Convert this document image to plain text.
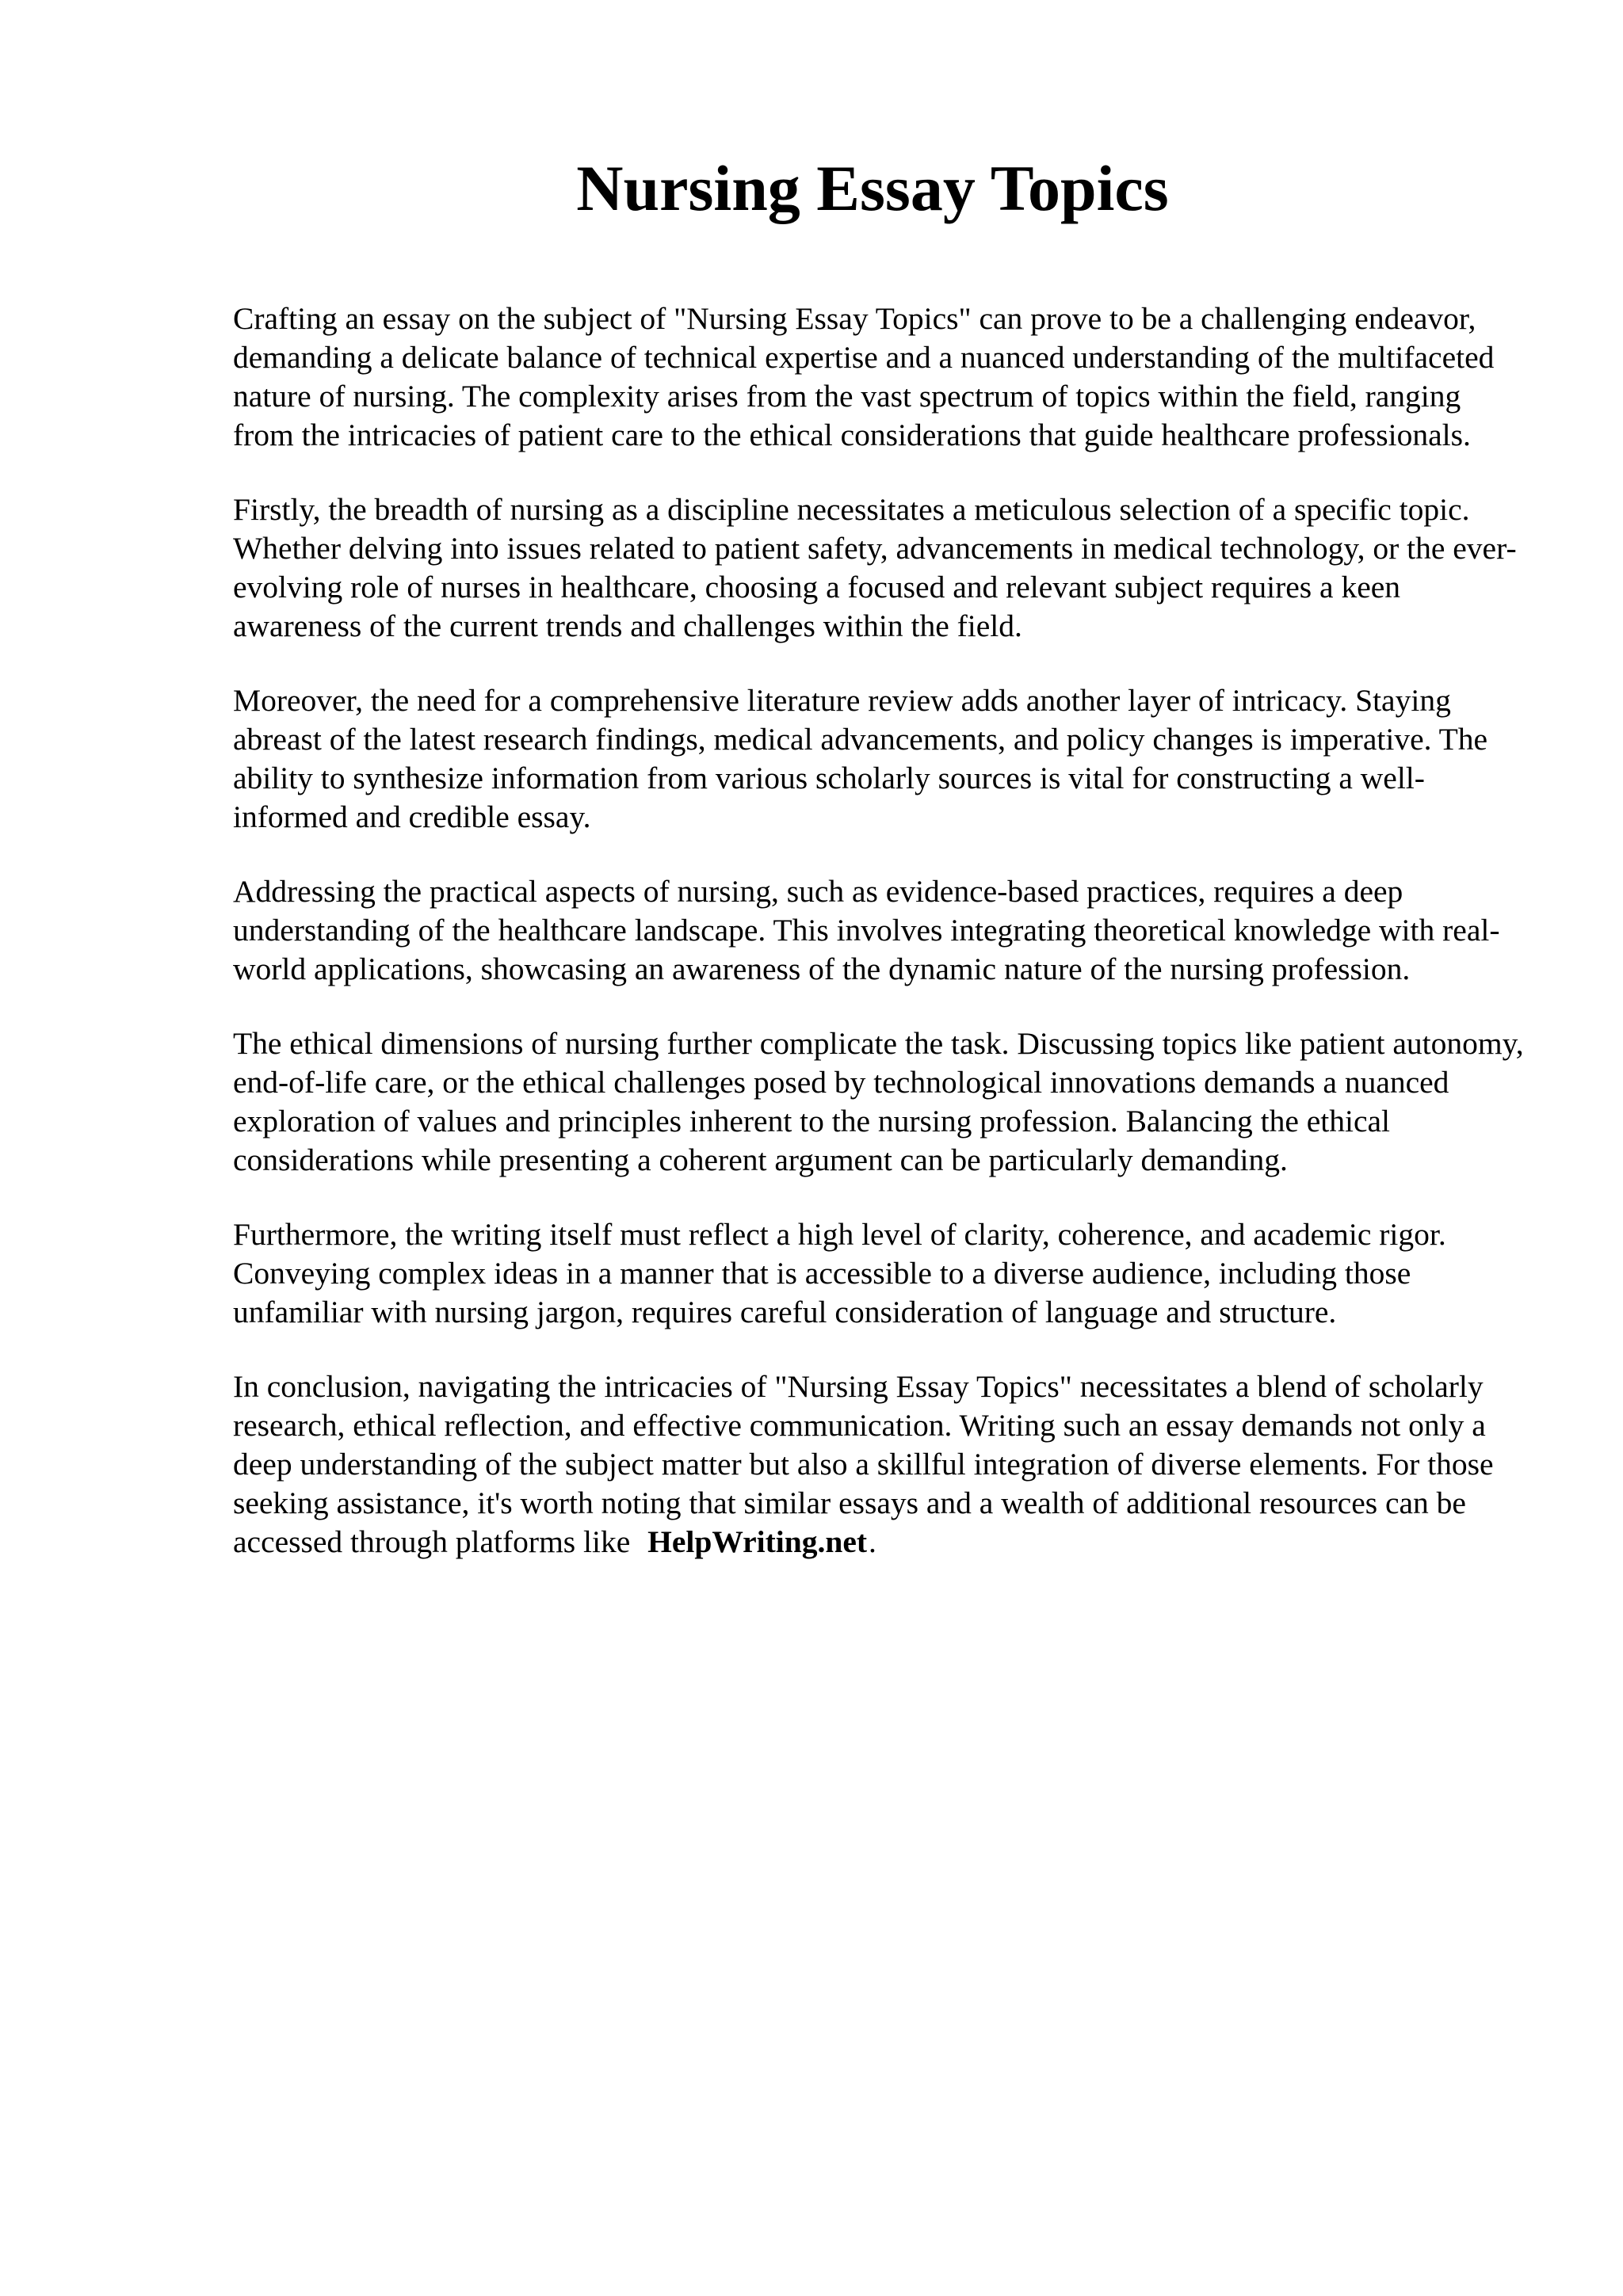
Nursing Essay Topics

Crafting an essay on the subject of "Nursing Essay Topics" can prove to be a challenging endeavor, demanding a delicate balance of technical expertise and a nuanced understanding of the multifaceted nature of nursing. The complexity arises from the vast spectrum of topics within the field, ranging from the intricacies of patient care to the ethical considerations that guide healthcare professionals.

Firstly, the breadth of nursing as a discipline necessitates a meticulous selection of a specific topic. Whether delving into issues related to patient safety, advancements in medical technology, or the ever-evolving role of nurses in healthcare, choosing a focused and relevant subject requires a keen awareness of the current trends and challenges within the field.

Moreover, the need for a comprehensive literature review adds another layer of intricacy. Staying abreast of the latest research findings, medical advancements, and policy changes is imperative. The ability to synthesize information from various scholarly sources is vital for constructing a well-informed and credible essay.

Addressing the practical aspects of nursing, such as evidence-based practices, requires a deep understanding of the healthcare landscape. This involves integrating theoretical knowledge with real-world applications, showcasing an awareness of the dynamic nature of the nursing profession.

The ethical dimensions of nursing further complicate the task. Discussing topics like patient autonomy, end-of-life care, or the ethical challenges posed by technological innovations demands a nuanced exploration of values and principles inherent to the nursing profession. Balancing the ethical considerations while presenting a coherent argument can be particularly demanding.

Furthermore, the writing itself must reflect a high level of clarity, coherence, and academic rigor. Conveying complex ideas in a manner that is accessible to a diverse audience, including those unfamiliar with nursing jargon, requires careful consideration of language and structure.

In conclusion, navigating the intricacies of "Nursing Essay Topics" necessitates a blend of scholarly research, ethical reflection, and effective communication. Writing such an essay demands not only a deep understanding of the subject matter but also a skillful integration of diverse elements. For those seeking assistance, it's worth noting that similar essays and a wealth of additional resources can be accessed through platforms like HelpWriting.net.
